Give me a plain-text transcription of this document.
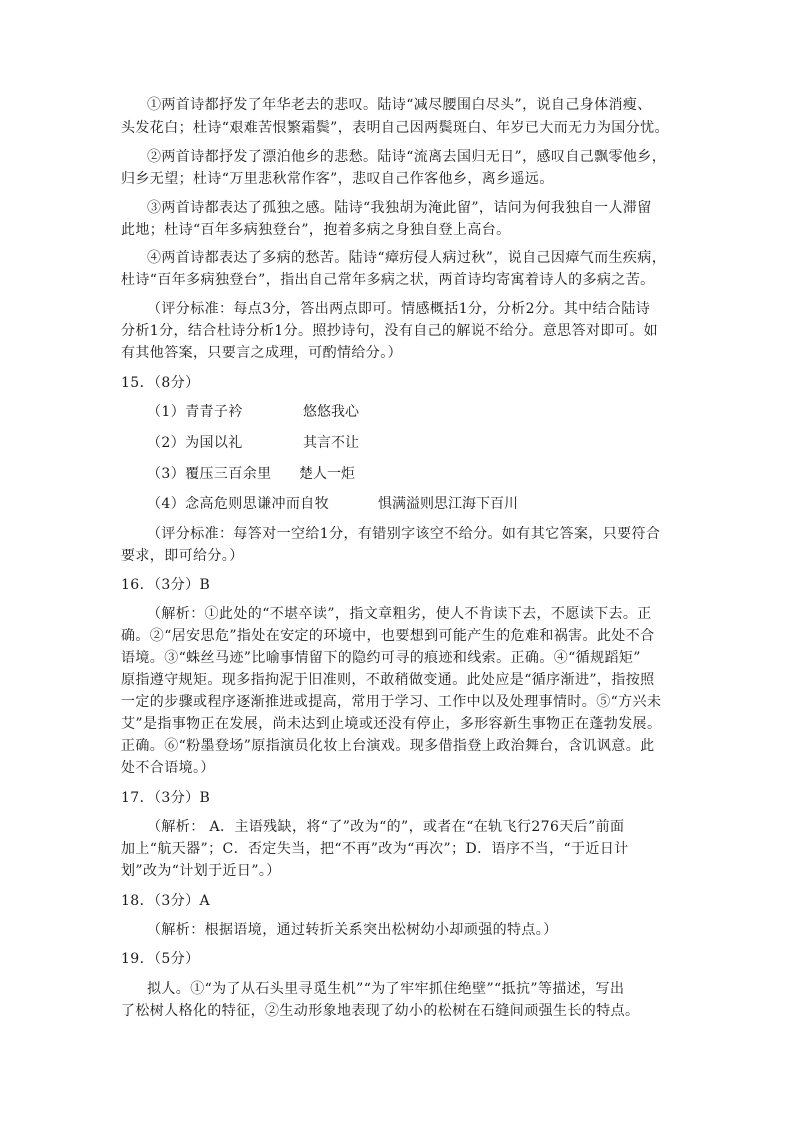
①两首诗都抒发了年华老去的悲叹。陆诗“减尽腰围白尽头”，说自己身体消瘦、
头发花白；杜诗“艰难苦恨繁霜鬓”，表明自己因两鬓斑白、年岁已大而无力为国分忧。
②两首诗都抒发了漂泊他乡的悲愁。陆诗“流离去国归无日”，感叹自己飘零他乡，
归乡无望；杜诗“万里悲秋常作客”，悲叹自己作客他乡，离乡遥远。
③两首诗都表达了孤独之感。陆诗“我独胡为淹此留”，诘问为何我独自一人滞留
此地；杜诗“百年多病独登台”，抱着多病之身独自登上高台。
④两首诗都表达了多病的愁苦。陆诗“瘴疠侵人病过秋”，说自己因瘴气而生疾病，
杜诗“百年多病独登台”，指出自己常年多病之状，两首诗均寄寓着诗人的多病之苦。
（评分标准：每点3分，答出两点即可。情感概括1分，分析2分。其中结合陆诗
分析1分，结合杜诗分析1分。照抄诗句，没有自己的解说不给分。意思答对即可。如
有其他答案，只要言之成理，可酌情给分。）
15．（8分）
（1）青青子衿	悠悠我心
（2）为国以礼	其言不让
（3）覆压三百余里 楚人一炬
（4）念高危则思谦冲而自牧	惧满溢则思江海下百川
（评分标准：每答对一空给1分，有错别字该空不给分。如有其它答案，只要符合
要求，即可给分。）
16．（3分）B
（解析：①此处的“不堪卒读”，指文章粗劣，使人不肯读下去，不愿读下去。正
确。②“居安思危”指处在安定的环境中，也要想到可能产生的危难和祸害。此处不合
语境。③“蛛丝马迹”比喻事情留下的隐约可寻的痕迹和线索。正确。④“循规蹈矩”
原指遵守规矩。现多指拘泥于旧准则，不敢稍做变通。此处应是“循序渐进”，指按照
一定的步骤或程序逐渐推进或提高，常用于学习、工作中以及处理事情时。⑤“方兴未
艾”是指事物正在发展，尚未达到止境或还没有停止，多形容新生事物正在蓬勃发展。
正确。⑥“粉墨登场”原指演员化妆上台演戏。现多借指登上政治舞台，含讥讽意。此
处不合语境。）
17．（3分）B
（解析： A．主语残缺，将“了”改为“的”，或者在“在轨飞行276天后”前面
加上“航天器”；C．否定失当，把“不再”改为“再次”；D．语序不当，“于近日计
划”改为“计划于近日”。）
18．（3分）A
（解析：根据语境，通过转折关系突出松树幼小却顽强的特点。）
19．（5分）
拟人。①“为了从石头里寻觅生机”“为了牢牢抓住绝壁”“抵抗”等描述，写出
了松树人格化的特征，②生动形象地表现了幼小的松树在石缝间顽强生长的特点。
